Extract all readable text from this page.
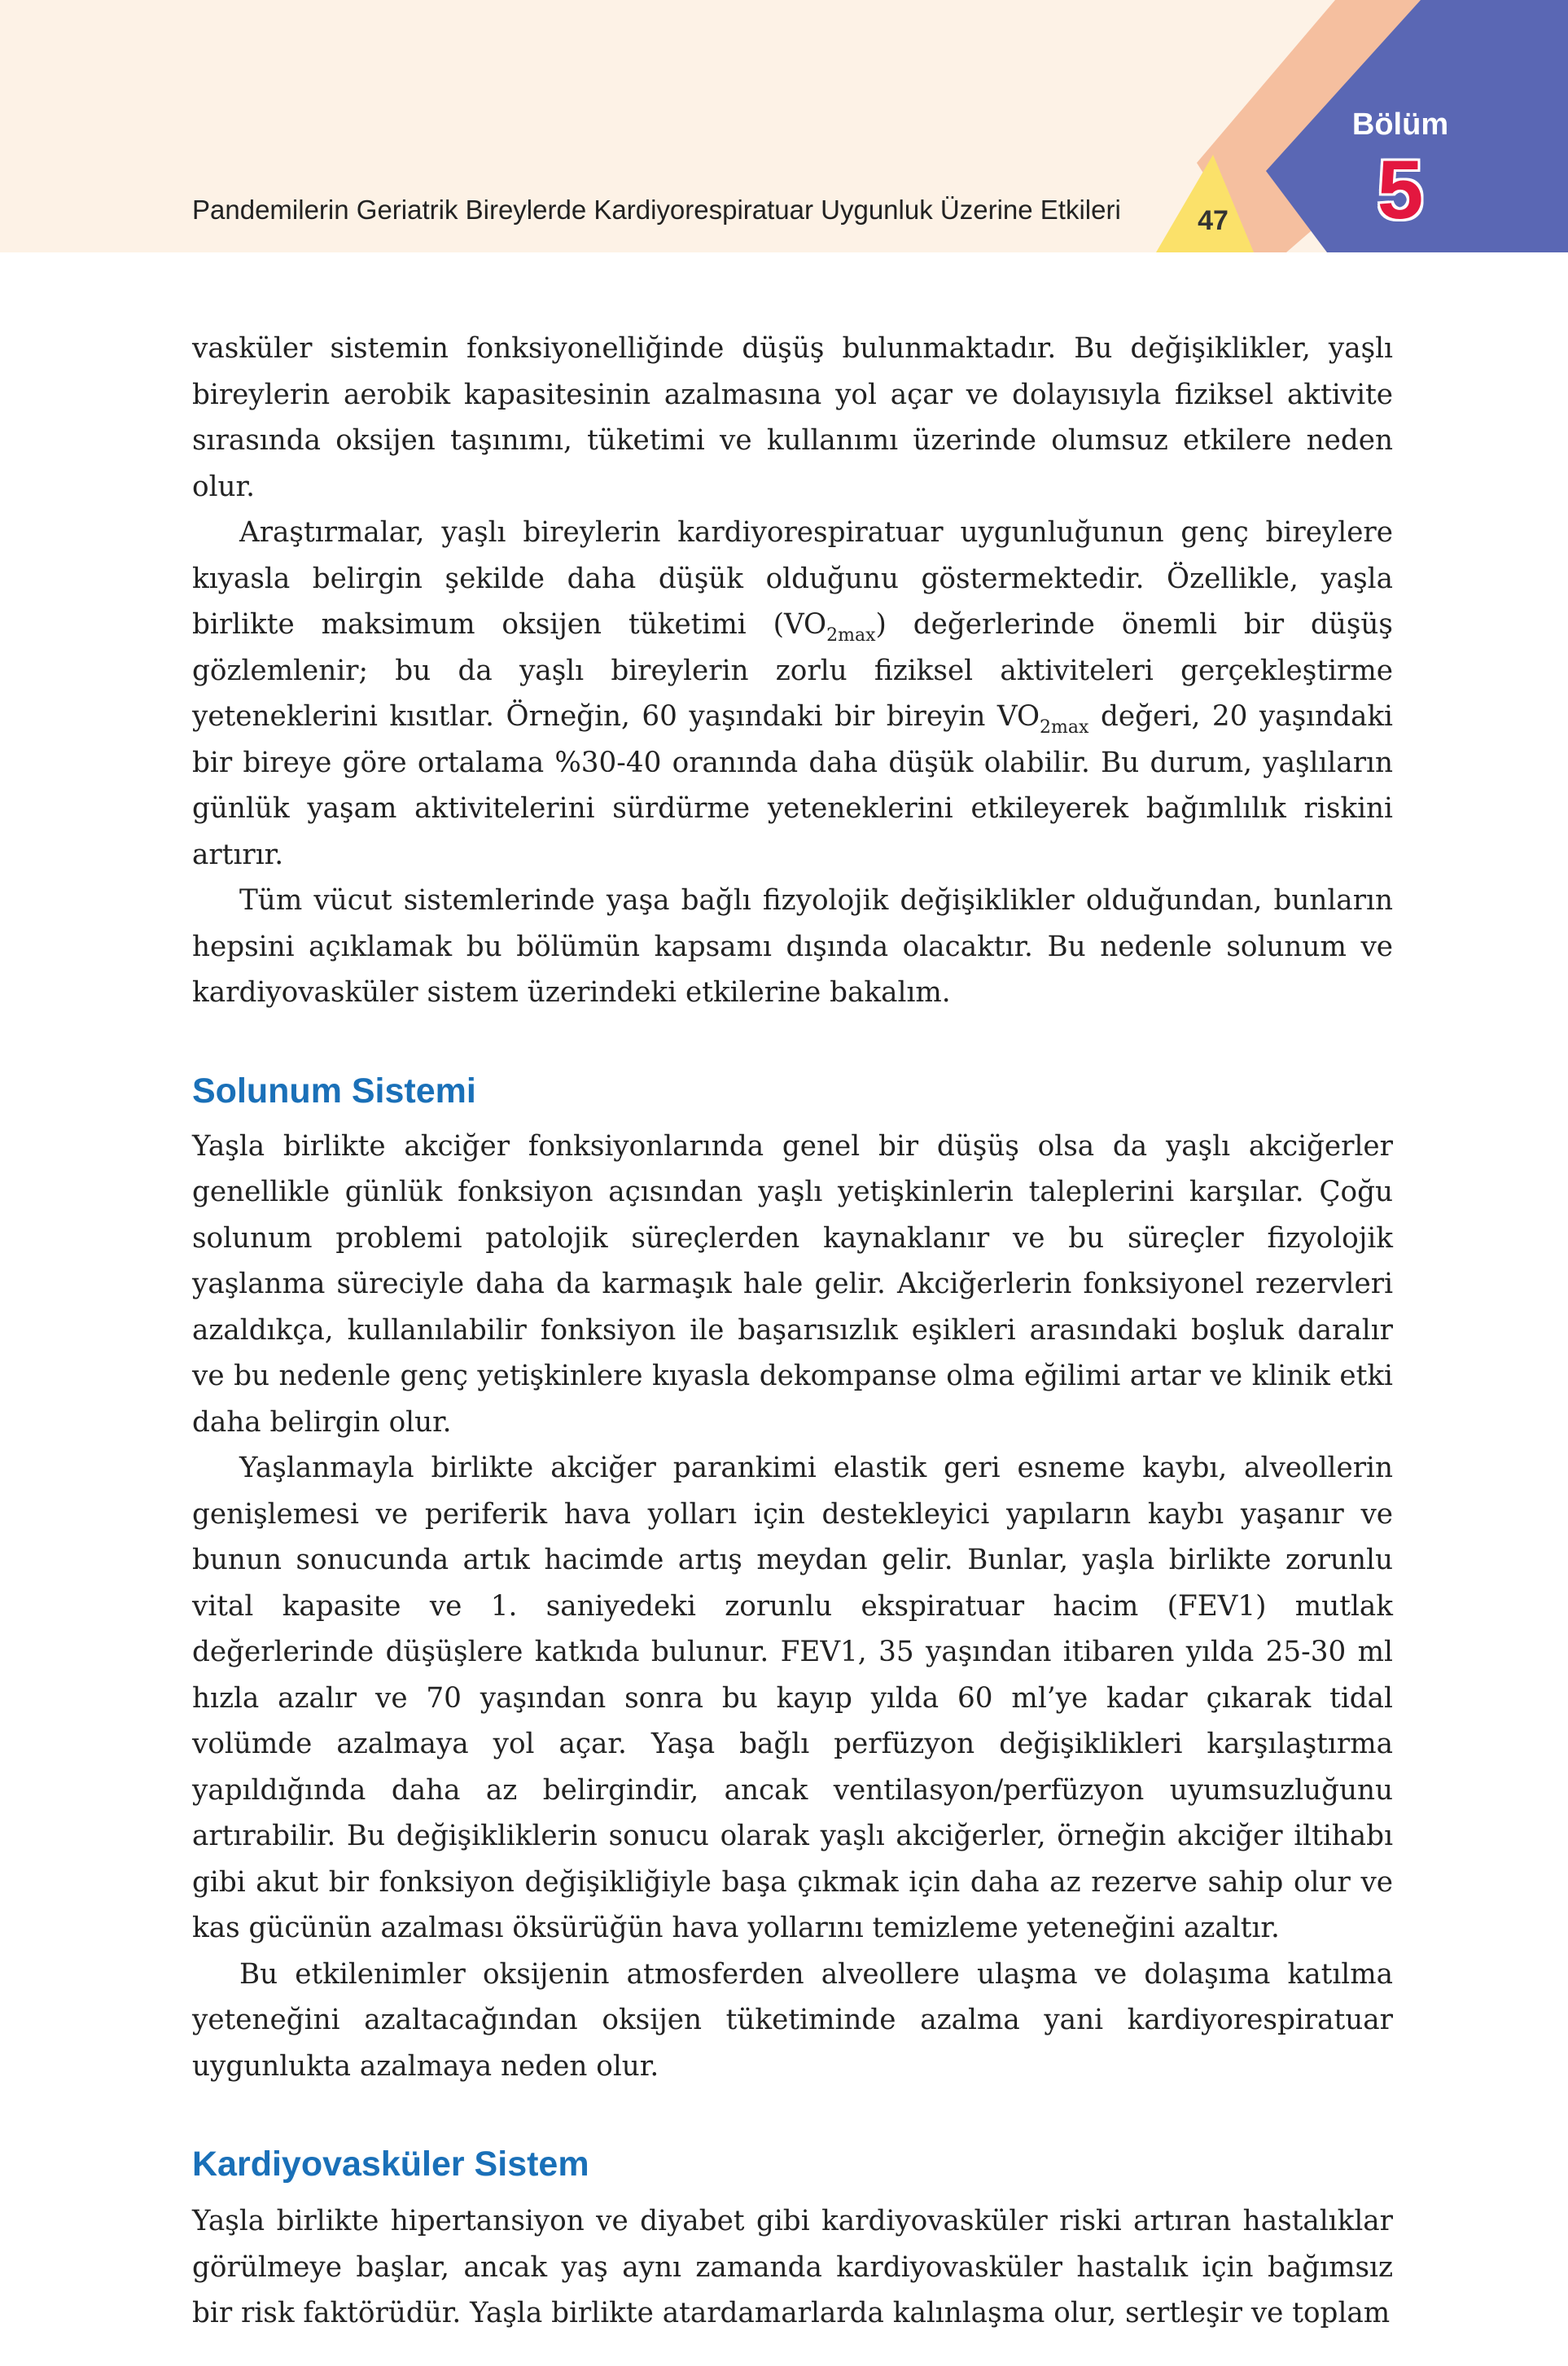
Pandemilerin Geriatrik Bireylerde Kardiyorespiratuar Uygunluk Üzerine Etkileri	47
Bölüm
5

vasküler sistemin fonksiyonelliğinde düşüş bulunmaktadır. Bu değişiklikler, yaşlı bireylerin aerobik kapasitesinin azalmasına yol açar ve dolayısıyla fiziksel aktivite sırasında oksijen taşınımı, tüketimi ve kullanımı üzerinde olumsuz etkilere neden olur.

Araştırmalar, yaşlı bireylerin kardiyorespiratuar uygunluğunun genç bireylere kıyasla belirgin şekilde daha düşük olduğunu göstermektedir. Özellikle, yaşla birlikte maksimum oksijen tüketimi $(VO_{2max})$ değerlerinde önemli bir düşüş gözlemlenir; bu da yaşlı bireylerin zorlu fiziksel aktiviteleri gerçekleştirme yeteneklerini kısıtlar. Örneğin, 60 yaşındaki bir bireyin $VO_{2max}$ değeri, 20 yaşındaki bir bireye göre ortalama %30-40 oranında daha düşük olabilir. Bu durum, yaşlıların günlük yaşam aktivitelerini sürdürme yeteneklerini etkileyerek bağımlılık riskini artırır.

Tüm vücut sistemlerinde yaşa bağlı fizyolojik değişiklikler olduğundan, bunların hepsini açıklamak bu bölümün kapsamı dışında olacaktır. Bu nedenle solunum ve kardiyovasküler sistem üzerindeki etkilerine bakalım.

Solunum Sistemi

Yaşla birlikte akciğer fonksiyonlarında genel bir düşüş olsa da yaşlı akciğerler genellikle günlük fonksiyon açısından yaşlı yetişkinlerin taleplerini karşılar. Çoğu solunum problemi patolojik süreçlerden kaynaklanır ve bu süreçler fizyolojik yaşlanma süreciyle daha da karmaşık hale gelir. Akciğerlerin fonksiyonel rezervleri azaldıkça, kullanılabilir fonksiyon ile başarısızlık eşikleri arasındaki boşluk daralır ve bu nedenle genç yetişkinlere kıyasla dekompanse olma eğilimi artar ve klinik etki daha belirgin olur.

Yaşlanmayla birlikte akciğer parankimi elastik geri esneme kaybı, alveollerin genişlemesi ve periferik hava yolları için destekleyici yapıların kaybı yaşanır ve bunun sonucunda artık hacimde artış meydan gelir. Bunlar, yaşla birlikte zorunlu vital kapasite ve 1. saniyedeki zorunlu ekspiratuar hacim (FEV1) mutlak değerlerinde düşüşlere katkıda bulunur. FEV1, 35 yaşından itibaren yılda 25-30 ml hızla azalır ve 70 yaşından sonra bu kayıp yılda 60 ml’ye kadar çıkarak tidal volümde azalmaya yol açar. Yaşa bağlı perfüzyon değişiklikleri karşılaştırma yapıldığında daha az belirgindir, ancak ventilasyon/perfüzyon uyumsuzluğunu artırabilir. Bu değişikliklerin sonucu olarak yaşlı akciğerler, örneğin akciğer iltihabı gibi akut bir fonksiyon değişikliğiyle başa çıkmak için daha az rezerve sahip olur ve kas gücünün azalması öksürüğün hava yollarını temizleme yeteneğini azaltır.

Bu etkilenimler oksijenin atmosferden alveollere ulaşma ve dolaşıma katılma yeteneğini azaltacağından oksijen tüketiminde azalma yani kardiyorespiratuar uygunlukta azalmaya neden olur.

Kardiyovasküler Sistem

Yaşla birlikte hipertansiyon ve diyabet gibi kardiyovasküler riski artıran hastalıklar görülmeye başlar, ancak yaş aynı zamanda kardiyovasküler hastalık için bağımsız bir risk faktörüdür. Yaşla birlikte atardamarlarda kalınlaşma olur, sertleşir ve toplam
